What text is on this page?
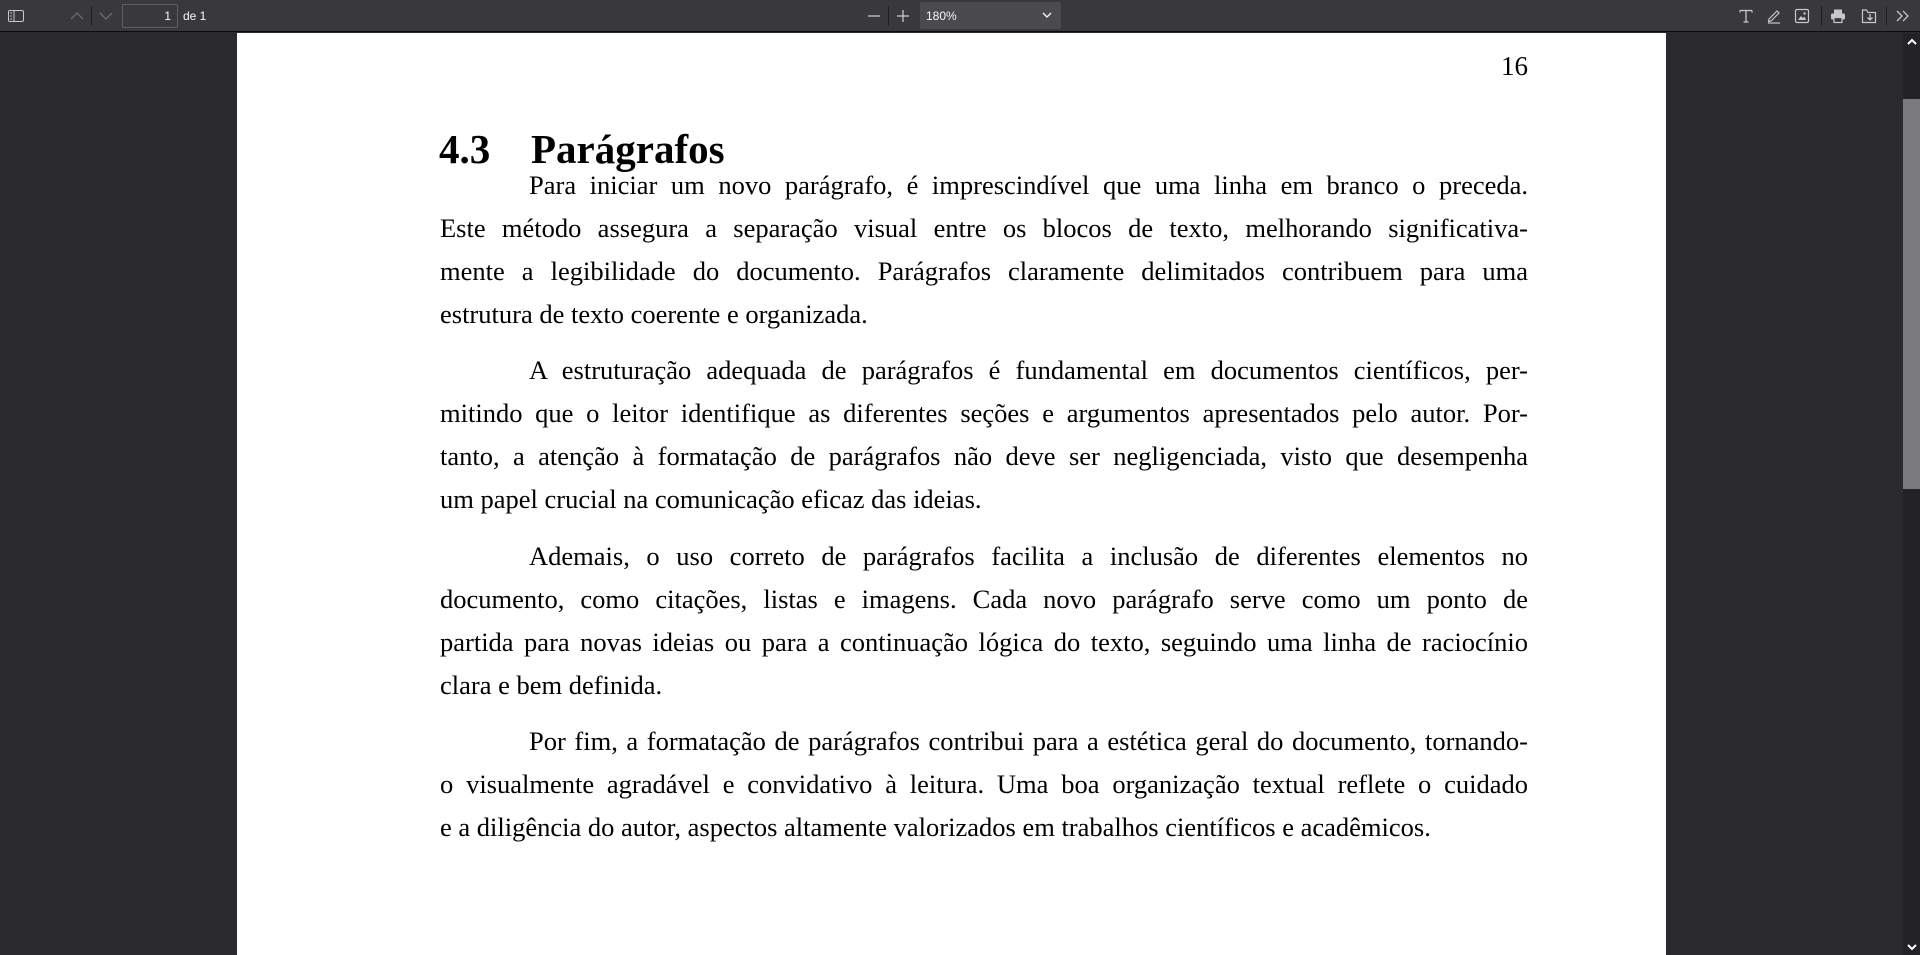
1
de 1	180%
16
4.3 Parágrafos
Para iniciar um novo parágrafo, é imprescindível que uma linha em branco o preceda.
Este método assegura a separação visual entre os blocos de texto, melhorando significativa-
mente a legibilidade do documento. Parágrafos claramente delimitados contribuem para uma
estrutura de texto coerente e organizada.
A estruturação adequada de parágrafos é fundamental em documentos científicos, per-
mitindo que o leitor identifique as diferentes seções e argumentos apresentados pelo autor. Por-
tanto, a atenção à formatação de parágrafos não deve ser negligenciada, visto que desempenha
um papel crucial na comunicação eficaz das ideias.
Ademais, o uso correto de parágrafos facilita a inclusão de diferentes elementos no
documento, como citações, listas e imagens. Cada novo parágrafo serve como um ponto de
partida para novas ideias ou para a continuação lógica do texto, seguindo uma linha de raciocínio
clara e bem definida.
Por fim, a formatação de parágrafos contribui para a estética geral do documento, tornando-
o visualmente agradável e convidativo à leitura. Uma boa organização textual reflete o cuidado
e a diligência do autor, aspectos altamente valorizados em trabalhos científicos e acadêmicos.
